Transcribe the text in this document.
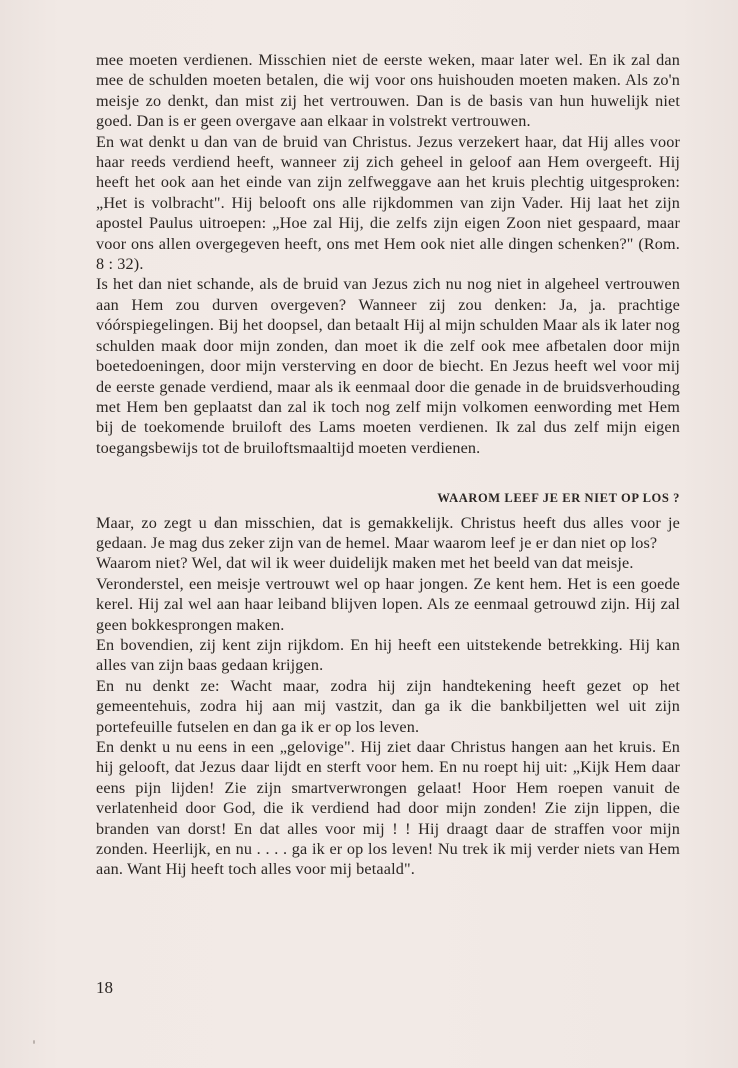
mee moeten verdienen. Misschien niet de eerste weken, maar later wel. En ik zal dan mee de schulden moeten betalen, die wij voor ons huishouden moeten maken. Als zo'n meisje zo denkt, dan mist zij het vertrouwen. Dan is de basis van hun huwelijk niet goed. Dan is er geen overgave aan elkaar in volstrekt vertrouwen.

En wat denkt u dan van de bruid van Christus. Jezus verzekert haar, dat Hij alles voor haar reeds verdiend heeft, wanneer zij zich geheel in geloof aan Hem overgeeft. Hij heeft het ook aan het einde van zijn zelfweggave aan het kruis plechtig uitgesproken: „Het is volbracht". Hij belooft ons alle rijkdommen van zijn Vader. Hij laat het zijn apostel Paulus uitroepen: „Hoe zal Hij, die zelfs zijn eigen Zoon niet gespaard, maar voor ons allen overgegeven heeft, ons met Hem ook niet alle dingen schenken?" (Rom. 8 : 32).

Is het dan niet schande, als de bruid van Jezus zich nu nog niet in algeheel vertrouwen aan Hem zou durven overgeven? Wanneer zij zou denken: Ja, ja. prachtige vóórspiegelingen. Bij het doopsel, dan betaalt Hij al mijn schulden Maar als ik later nog schulden maak door mijn zonden, dan moet ik die zelf ook mee afbetalen door mijn boetedoeningen, door mijn versterving en door de biecht. En Jezus heeft wel voor mij de eerste genade verdiend, maar als ik eenmaal door die genade in de bruidsverhouding met Hem ben geplaatst dan zal ik toch nog zelf mijn volkomen eenwording met Hem bij de toekomende bruiloft des Lams moeten verdienen. Ik zal dus zelf mijn eigen toegangsbewijs tot de bruiloftsmaaltijd moeten verdienen.

WAAROM LEEF JE ER NIET OP LOS ?

Maar, zo zegt u dan misschien, dat is gemakkelijk. Christus heeft dus alles voor je gedaan. Je mag dus zeker zijn van de hemel. Maar waarom leef je er dan niet op los?

Waarom niet? Wel, dat wil ik weer duidelijk maken met het beeld van dat meisje.

Veronderstel, een meisje vertrouwt wel op haar jongen. Ze kent hem. Het is een goede kerel. Hij zal wel aan haar leiband blijven lopen. Als ze eenmaal getrouwd zijn. Hij zal geen bokkesprongen maken.

En bovendien, zij kent zijn rijkdom. En hij heeft een uitstekende betrekking. Hij kan alles van zijn baas gedaan krijgen.

En nu denkt ze: Wacht maar, zodra hij zijn handtekening heeft gezet op het gemeentehuis, zodra hij aan mij vastzit, dan ga ik die bankbiljetten wel uit zijn portefeuille futselen en dan ga ik er op los leven.

En denkt u nu eens in een „gelovige". Hij ziet daar Christus hangen aan het kruis. En hij gelooft, dat Jezus daar lijdt en sterft voor hem. En nu roept hij uit: „Kijk Hem daar eens pijn lijden! Zie zijn smartverwrongen gelaat! Hoor Hem roepen vanuit de verlatenheid door God, die ik verdiend had door mijn zonden! Zie zijn lippen, die branden van dorst! En dat alles voor mij ! ! Hij draagt daar de straffen voor mijn zonden. Heerlijk, en nu . . . . ga ik er op los leven! Nu trek ik mij verder niets van Hem aan. Want Hij heeft toch alles voor mij betaald".

18
